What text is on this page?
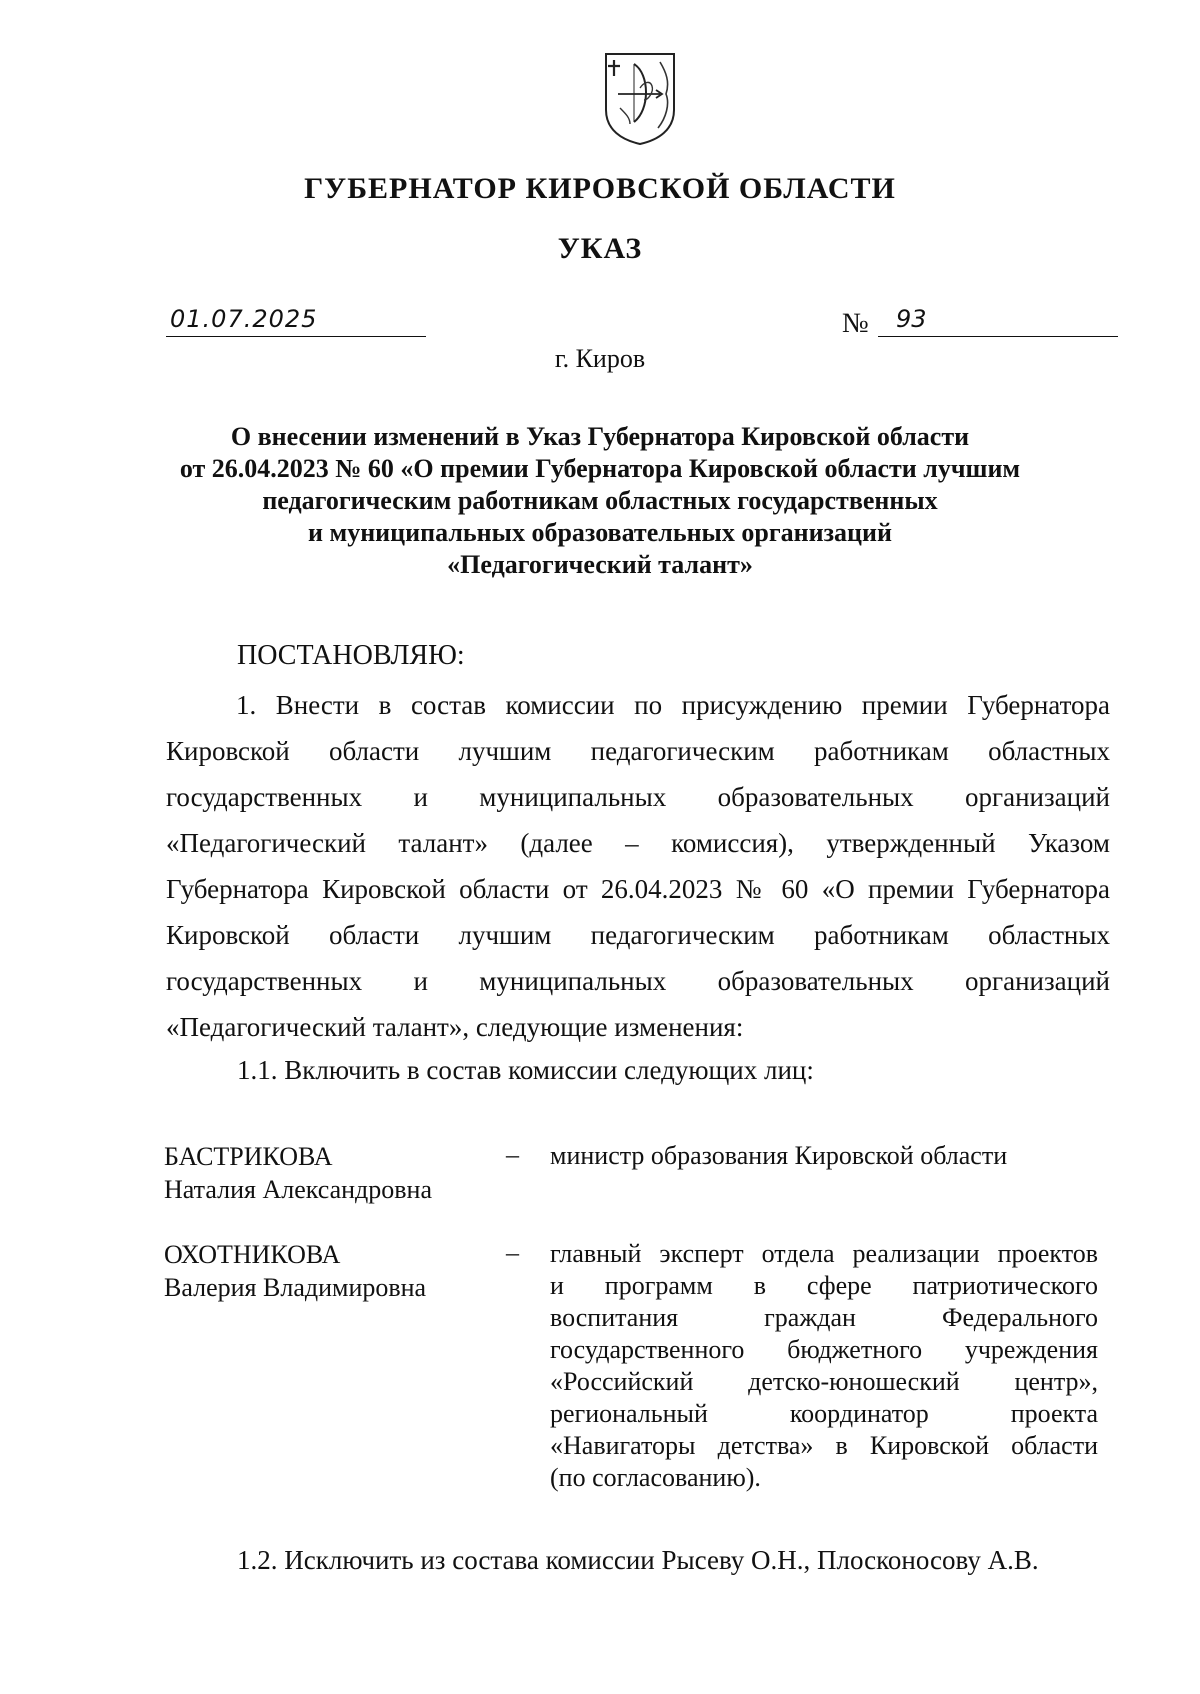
ГУБЕРНАТОР КИРОВСКОЙ ОБЛАСТИ
УКАЗ
01.07.2025	№	93
г. Киров
О внесении изменений в Указ Губернатора Кировской области
от 26.04.2023 № 60 «О премии Губернатора Кировской области лучшим
педагогическим работникам областных государственных
и муниципальных образовательных организаций
«Педагогический талант»
ПОСТАНОВЛЯЮ:
1. Внести в состав комиссии по присуждению премии Губернатора
Кировской области лучшим педагогическим работникам областных
государственных и муниципальных образовательных организаций
«Педагогический талант» (далее – комиссия), утвержденный Указом
Губернатора Кировской области от 26.04.2023 № 60 «О премии Губернатора
Кировской области лучшим педагогическим работникам областных
государственных и муниципальных образовательных организаций
«Педагогический талант», следующие изменения:
1.1. Включить в состав комиссии следующих лиц:
БАСТРИКОВА
Наталия Александровна
– министр образования Кировской области
ОХОТНИКОВА
Валерия Владимировна
– главный эксперт отдела реализации проектов
и программ в сфере патриотического
воспитания граждан Федерального
государственного бюджетного учреждения
«Российский детско-юношеский центр»,
региональный координатор проекта
«Навигаторы детства» в Кировской области
(по согласованию).
1.2. Исключить из состава комиссии Рысеву О.Н., Плосконосову А.В.
